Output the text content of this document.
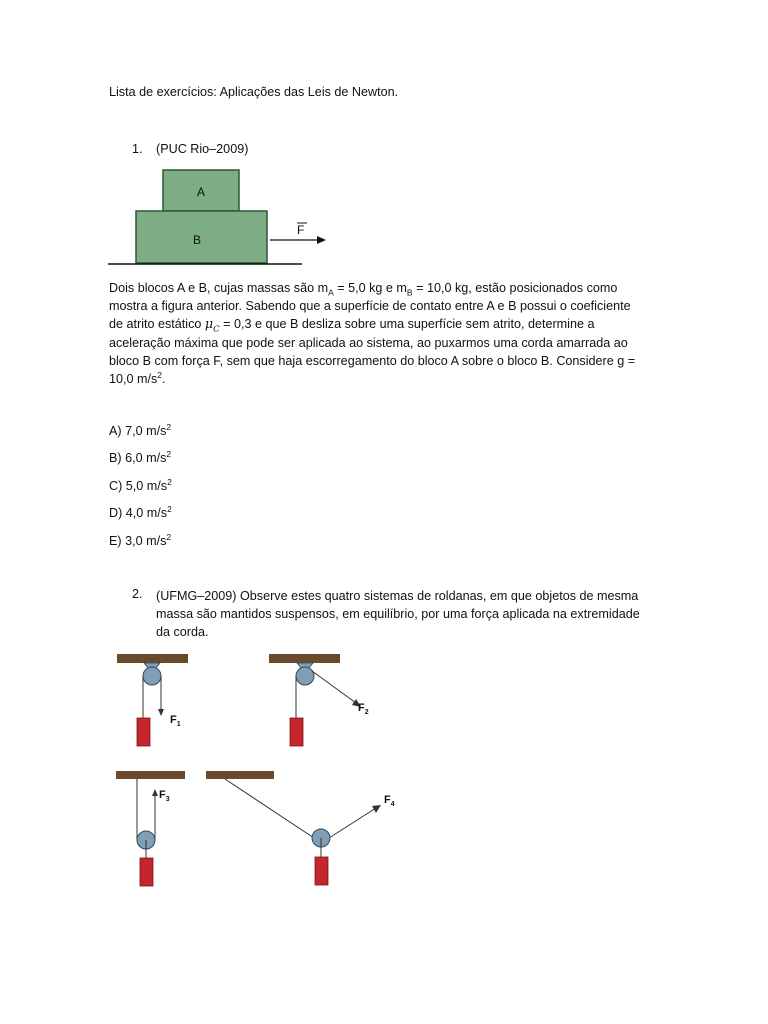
Lista de exercícios: Aplicações das Leis de Newton.
1. (PUC Rio–2009)
A
B
F
Dois blocos A e B, cujas massas são $m_A = 5,0$ kg e $m_B = 10,0$ kg, estão posicionados como
mostra a figura anterior. Sabendo que a superfície de contato entre A e B possui o coeficiente
de atrito estático $\mu_C = 0,3$ e que B desliza sobre uma superfície sem atrito, determine a
aceleração máxima que pode ser aplicada ao sistema, ao puxarmos uma corda amarrada ao
bloco B com força F, sem que haja escorregamento do bloco A sobre o bloco B. Considere g =
10,0 $m/s^2$.
A) 7,0 $m/s^2$
B) 6,0 $m/s^2$
C) 5,0 $m/s^2$
D) 4,0 $m/s^2$
E) 3,0 $m/s^2$
2. (UFMG–2009) Observe estes quatro sistemas de roldanas, em que objetos de mesma
massa são mantidos suspensos, em equilíbrio, por uma força aplicada na extremidade
da corda.
$F_1$
$F_2$
$F_3$	$F_4$
